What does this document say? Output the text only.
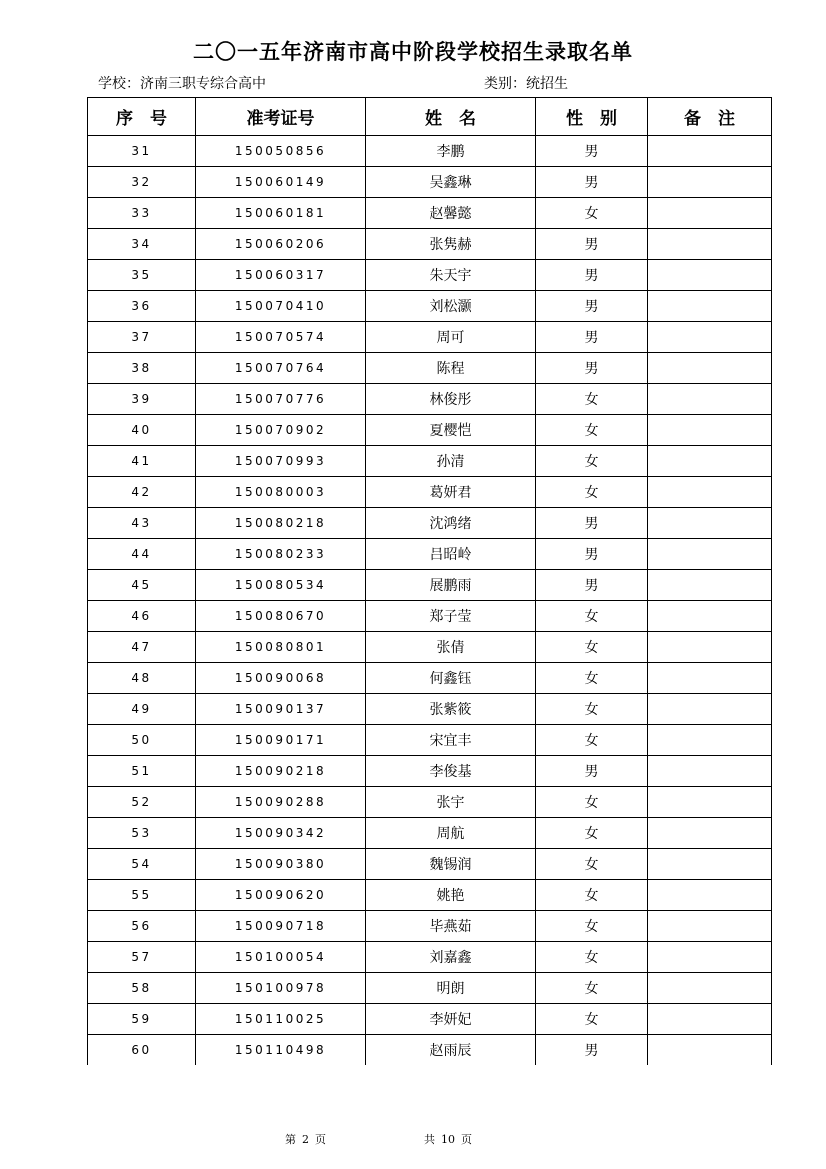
二〇一五年济南市高中阶段学校招生录取名单
学校：济南三职专综合高中	类别：统招生
序　号	准考证号	姓　名	性　别	备　注
31	150050856	李鹏	男	
32	150060149	吴鑫琳	男	
33	150060181	赵馨懿	女	
34	150060206	张隽赫	男	
35	150060317	朱天宇	男	
36	150070410	刘松灏	男	
37	150070574	周可	男	
38	150070764	陈程	男	
39	150070776	林俊彤	女	
40	150070902	夏樱恺	女	
41	150070993	孙清	女	
42	150080003	葛妍君	女	
43	150080218	沈鸿绪	男	
44	150080233	吕昭岭	男	
45	150080534	展鹏雨	男	
46	150080670	郑子莹	女	
47	150080801	张倩	女	
48	150090068	何鑫钰	女	
49	150090137	张紫筱	女	
50	150090171	宋宜丰	女	
51	150090218	李俊基	男	
52	150090288	张宇	女	
53	150090342	周航	女	
54	150090380	魏锡润	女	
55	150090620	姚艳	女	
56	150090718	毕燕茹	女	
57	150100054	刘嘉鑫	女	
58	150100978	明朗	女	
59	150110025	李妍妃	女	
60	150110498	赵雨辰	男	
第 2 页	共 10 页
